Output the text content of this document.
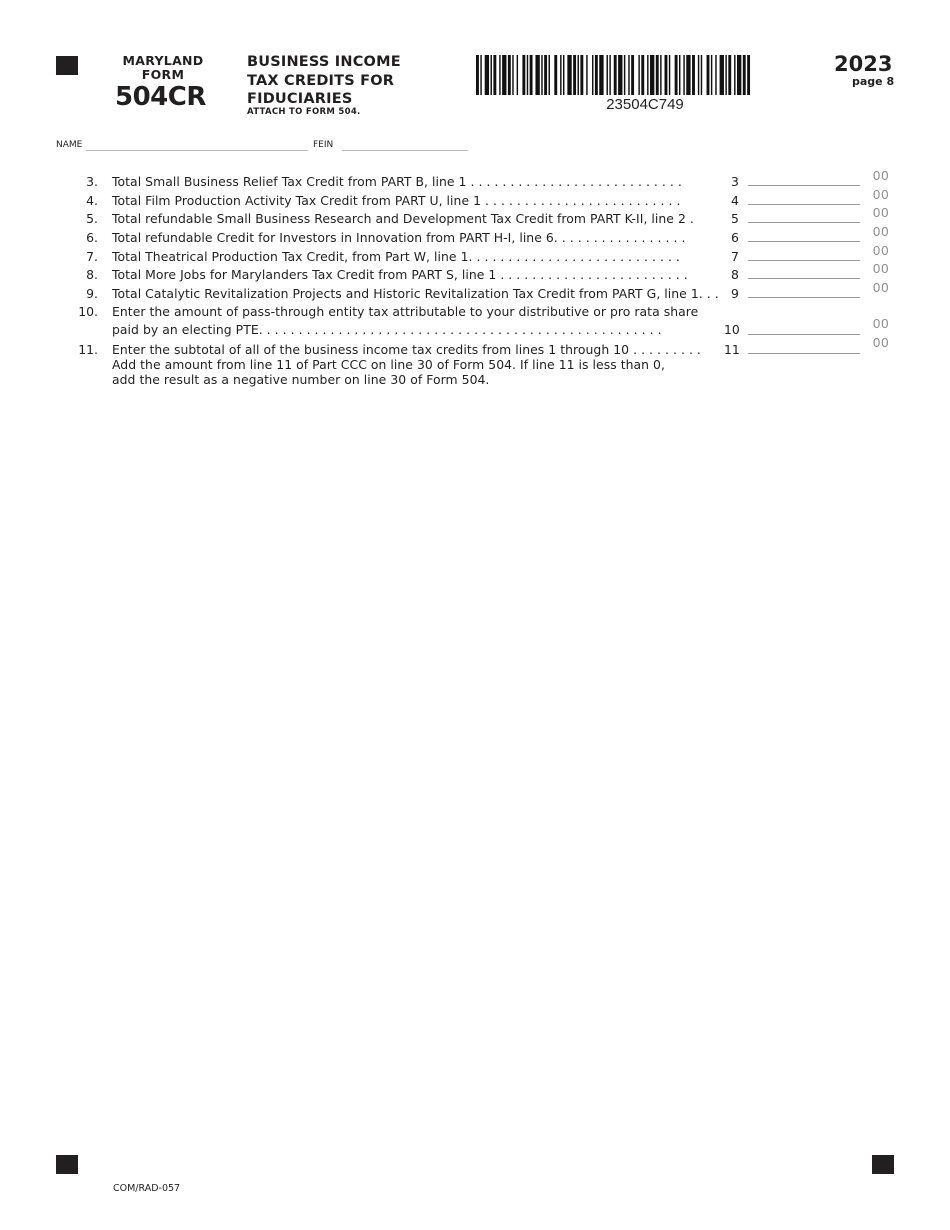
MARYLAND
FORM
504CR
BUSINESS INCOME
TAX CREDITS FOR
FIDUCIARIES
ATTACH TO FORM 504.	23504C749
2023
page 8
NAME	FEIN
3. Total Small Business Relief Tax Credit from PART B, line 1 . . . . . . . . . . . . . . . . . . . . . . . . . . .	3	00
4. Total Film Production Activity Tax Credit from PART U, line 1 . . . . . . . . . . . . . . . . . . . . . . . . .	4	00
5. Total refundable Small Business Research and Development Tax Credit from PART K-II, line 2 .	5	00
6. Total refundable Credit for Investors in Innovation from PART H-I, line 6. . . . . . . . . . . . . . . . .	6	00
7. Total Theatrical Production Tax Credit, from Part W, line 1. . . . . . . . . . . . . . . . . . . . . . . . . . .	7	00
8. Total More Jobs for Marylanders Tax Credit from PART S, line 1 . . . . . . . . . . . . . . . . . . . . . . . .	8	00
9. Total Catalytic Revitalization Projects and Historic Revitalization Tax Credit from PART G, line 1. . . 9	00
10. Enter the amount of pass-through entity tax attributable to your distributive or pro rata share
paid by an electing PTE. . . . . . . . . . . . . . . . . . . . . . . . . . . . . . . . . . . . . . . . . . . . . . . . . . .	10	00
11. Enter the subtotal of all of the business income tax credits from lines 1 through 10 . . . . . . . . . 11	00
Add the amount from line 11 of Part CCC on line 30 of Form 504. If line 11 is less than 0,
add the result as a negative number on line 30 of Form 504.
COM/RAD-057
